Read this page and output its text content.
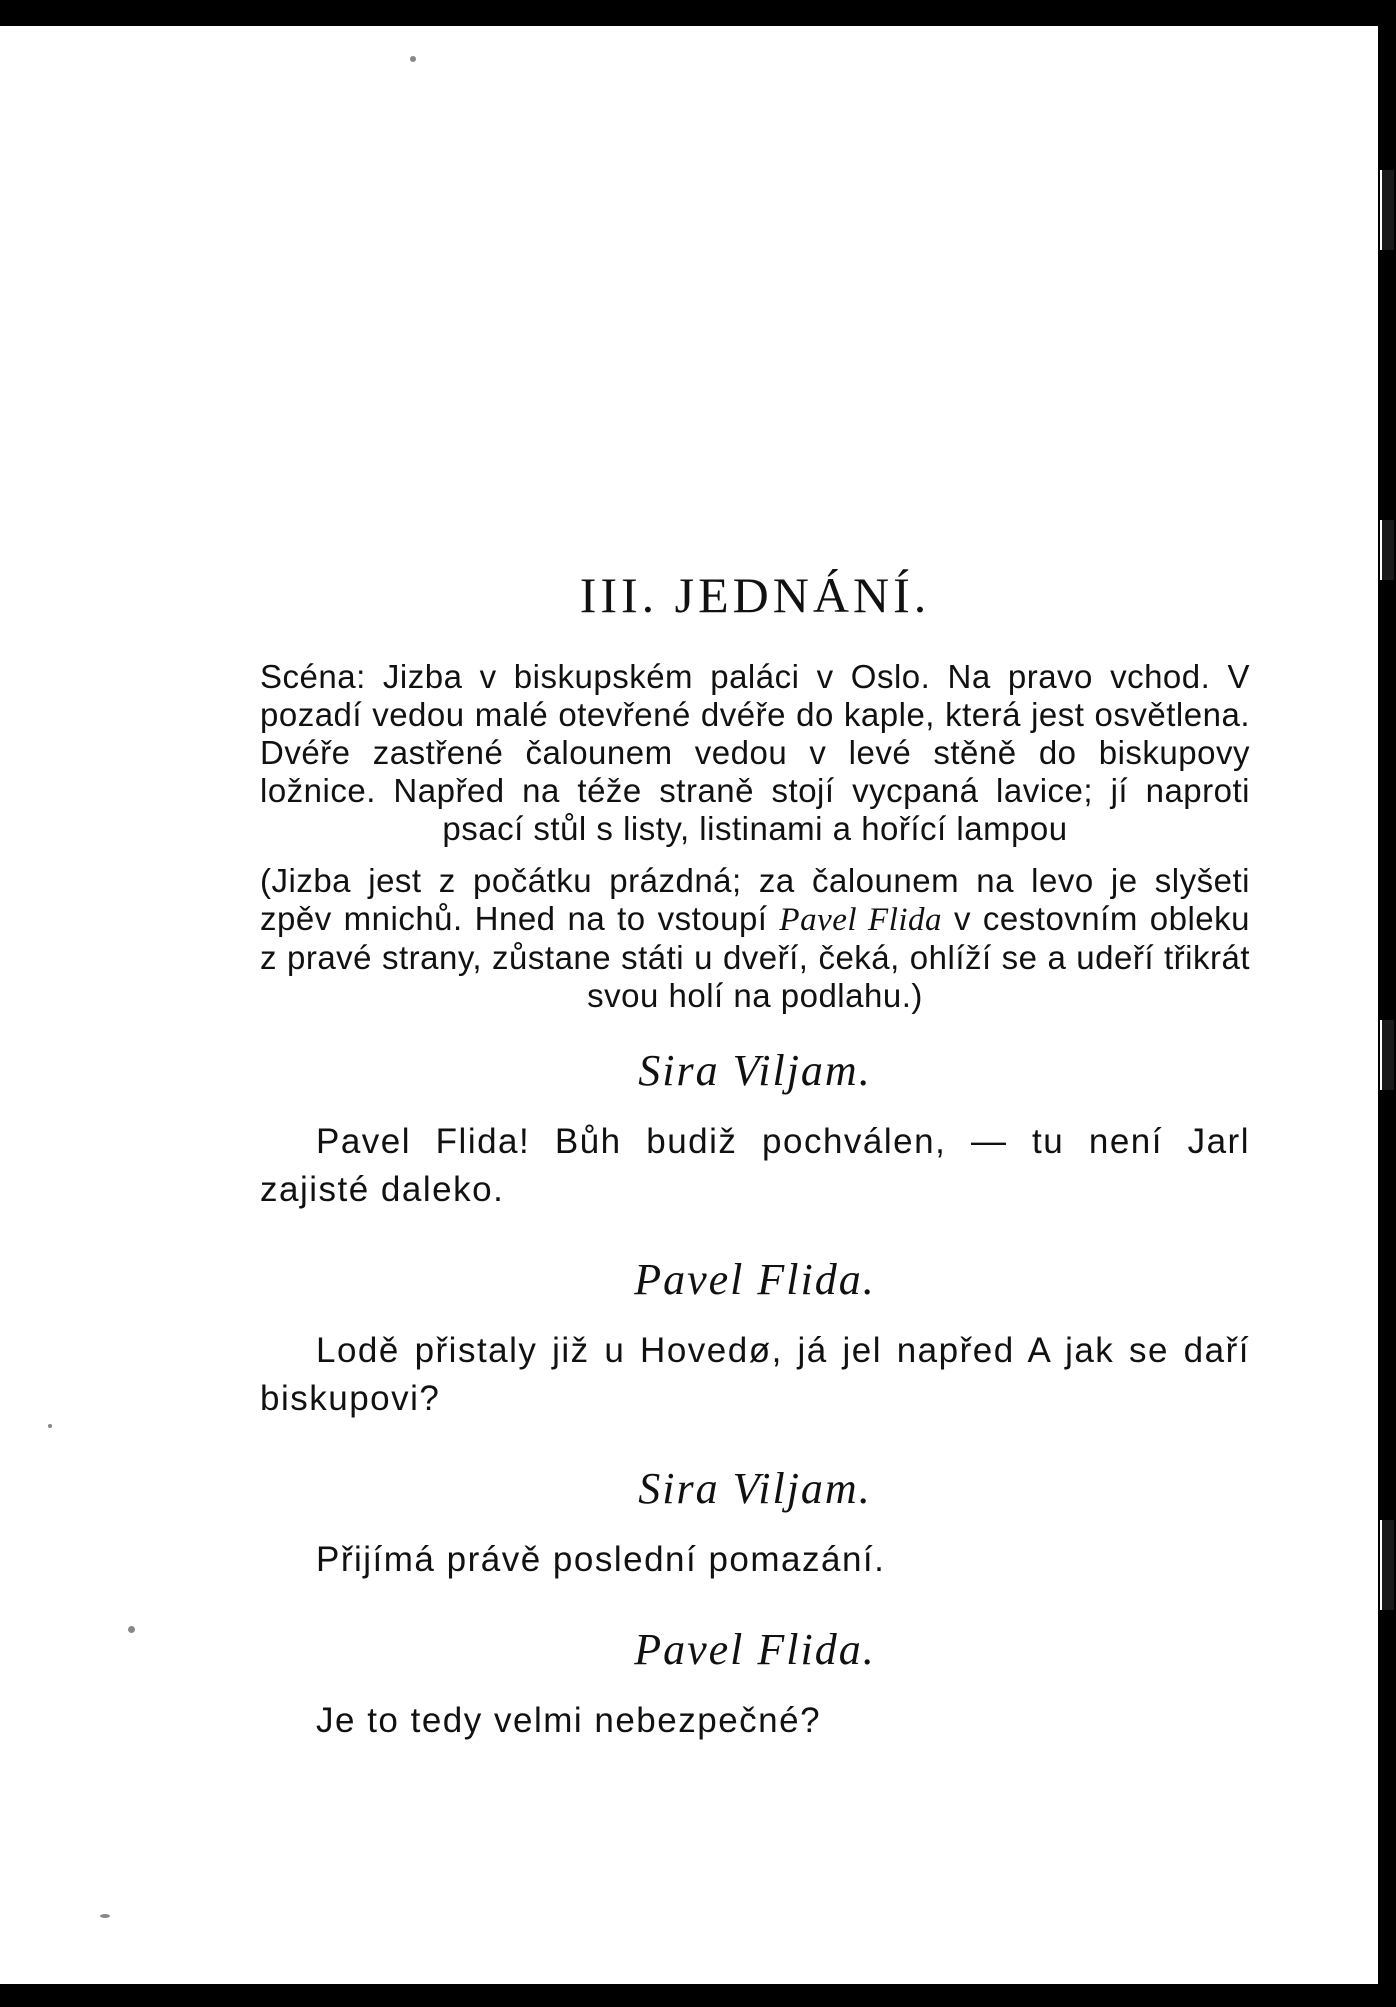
III. JEDNÁNÍ.

Scéna: Jizba v biskupském paláci v Oslo. Na pravo vchod. V pozadí vedou malé otevřené dvéře do kaple, která jest osvětlena. Dvéře zastřené čalounem vedou v levé stěně do biskupovy ložnice. Napřed na téže straně stojí vycpaná lavice; jí naproti psací stůl s listy, listinami a hořící lampou

(Jizba jest z počátku prázdná; za čalounem na levo je slyšeti zpěv mnichů. Hned na to vstoupí Pavel Flida v cestovním obleku z pravé strany, zůstane státi u dveří, čeká, ohlíží se a udeří třikrát svou holí na podlahu.)

Sira Viljam.

Pavel Flida! Bůh budiž pochválen, — tu není Jarl zajisté daleko.

Pavel Flida.

Lodě přistaly již u Hovedø, já jel napřed A jak se daří biskupovi?

Sira Viljam.

Přijímá právě poslední pomazání.

Pavel Flida.

Je to tedy velmi nebezpečné?
